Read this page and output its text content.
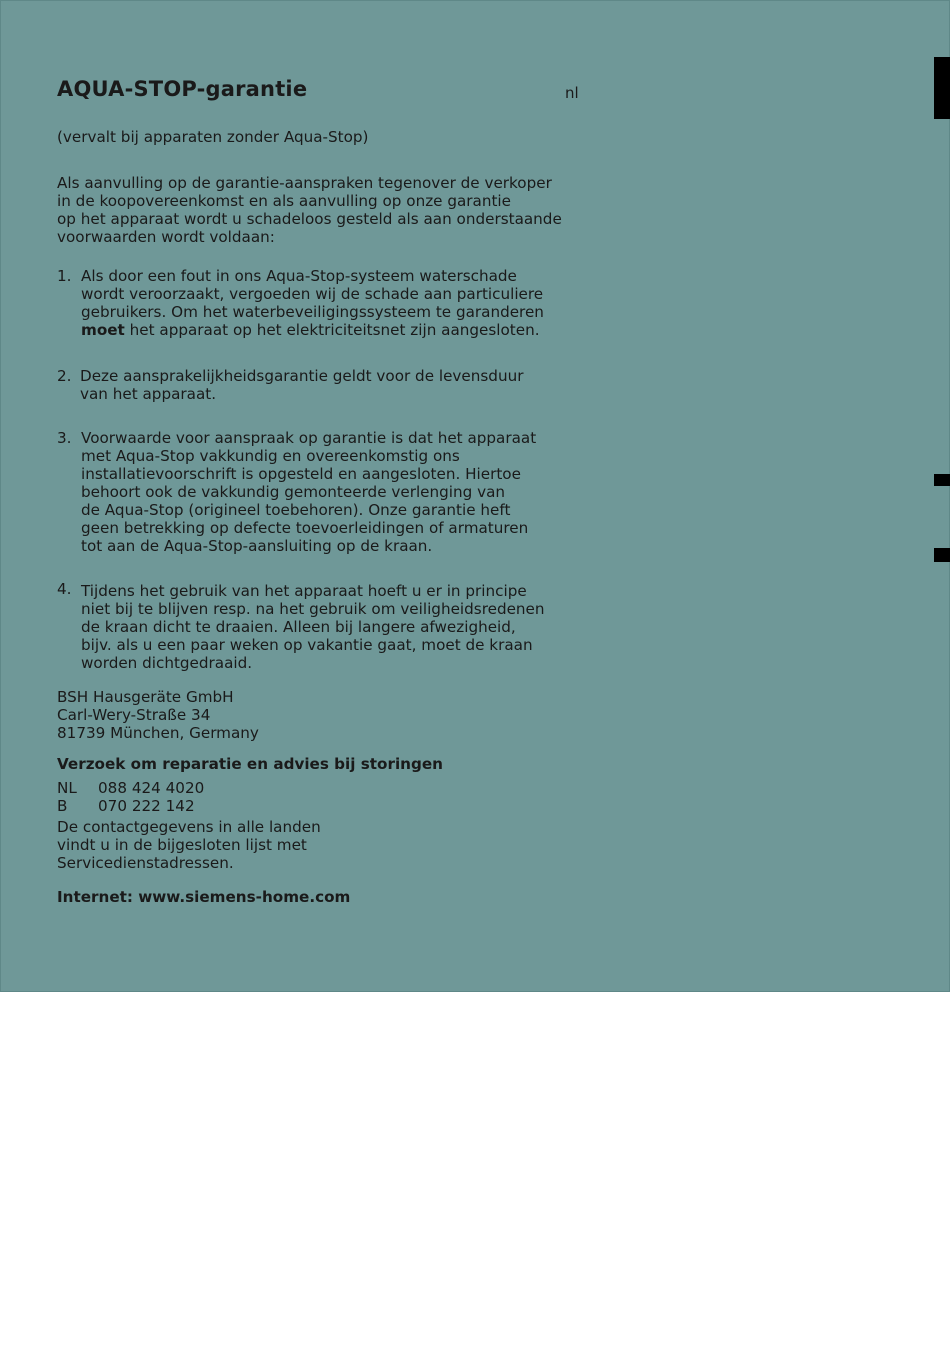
AQUA-STOP-garantie	nl

(vervalt bij apparaten zonder Aqua-Stop)

Als aanvulling op de garantie-aanspraken tegenover de verkoper
in de koopovereenkomst en als aanvulling op onze garantie
op het apparaat wordt u schadeloos gesteld als aan onderstaande
voorwaarden wordt voldaan:

1. Als door een fout in ons Aqua-Stop-systeem waterschade
wordt veroorzaakt, vergoeden wij de schade aan particuliere
gebruikers. Om het waterbeveiligingssysteem te garanderen
moet het apparaat op het elektriciteitsnet zijn aangesloten.

2. Deze aansprakelijkheidsgarantie geldt voor de levensduur
van het apparaat.

3. Voorwaarde voor aanspraak op garantie is dat het apparaat
met Aqua-Stop vakkundig en overeenkomstig ons
installatievoorschrift is opgesteld en aangesloten. Hiertoe
behoort ook de vakkundig gemonteerde verlenging van
de Aqua-Stop (origineel toebehoren). Onze garantie heft
geen betrekking op defecte toevoerleidingen of armaturen
tot aan de Aqua-Stop-aansluiting op de kraan.

4. Tijdens het gebruik van het apparaat hoeft u er in principe
niet bij te blijven resp. na het gebruik om veiligheidsredenen
de kraan dicht te draaien. Alleen bij langere afwezigheid,
bijv. als u een paar weken op vakantie gaat, moet de kraan
worden dichtgedraaid.

BSH Hausgeräte GmbH
Carl-Wery-Straße 34
81739 München, Germany

Verzoek om reparatie en advies bij storingen

NL 088 424 4020
B 070 222 142

De contactgegevens in alle landen
vindt u in de bijgesloten lijst met
Servicedienstadressen.

Internet: www.siemens-home.com
